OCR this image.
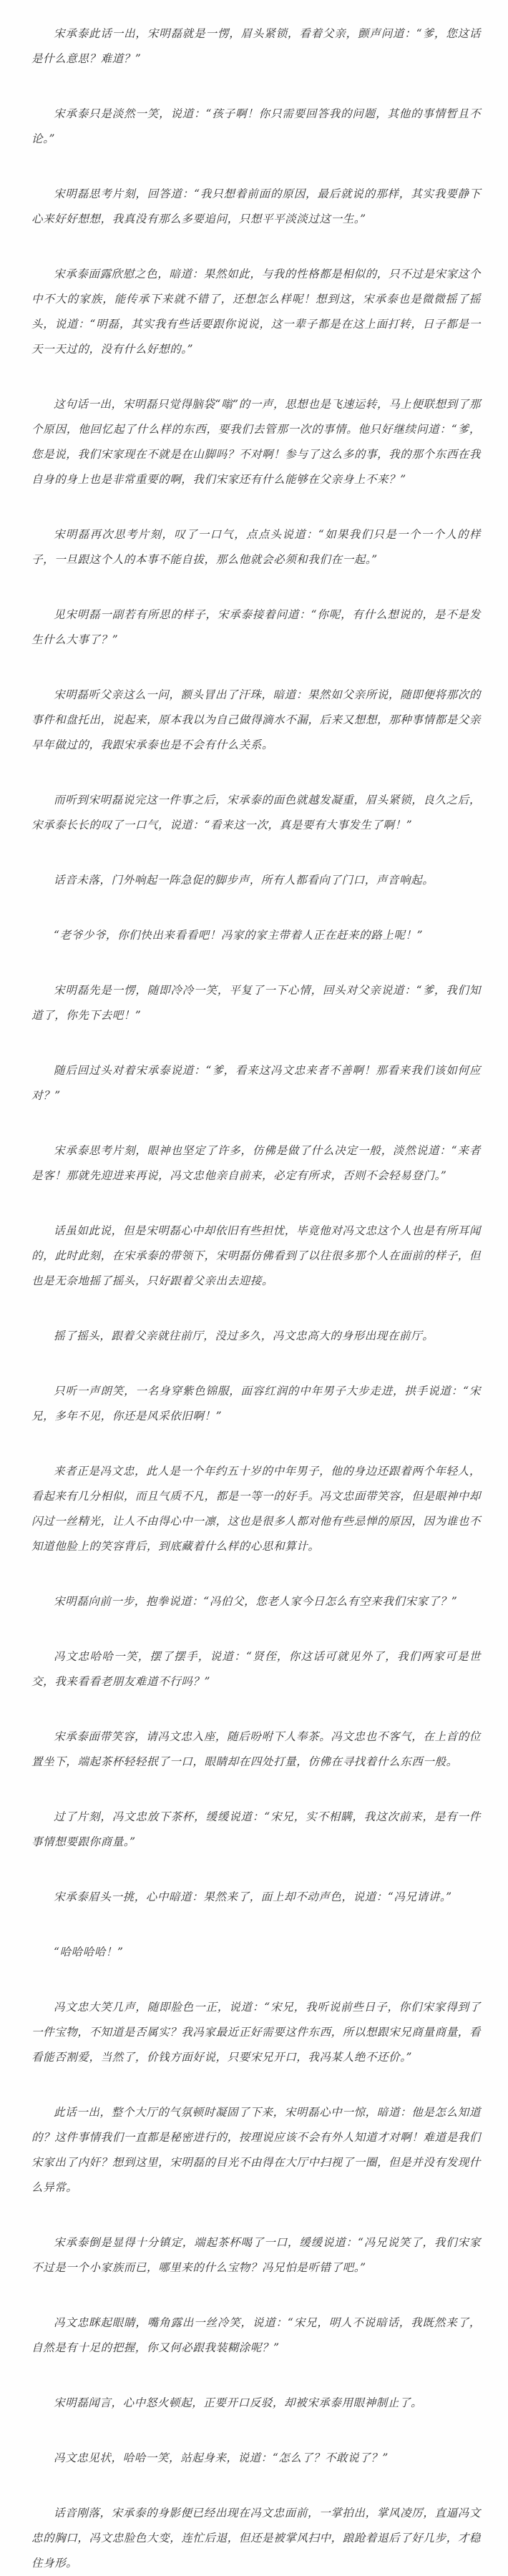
宋承泰此话一出，宋明磊就是一愣，眉头紧锁，看着父亲，颤声问道：“爹，您这话是什么意思？难道？”

宋承泰只是淡然一笑，说道：“孩子啊！你只需要回答我的问题，其他的事情暂且不论。”

宋明磊思考片刻，回答道：“我只想着前面的原因，最后就说的那样，其实我要静下心来好好想想，我真没有那么多要追问，只想平平淡淡过这一生。”

宋承泰面露欣慰之色，暗道：果然如此，与我的性格都是相似的，只不过是宋家这个中不大的家族，能传承下来就不错了，还想怎么样呢！想到这，宋承泰也是微微摇了摇头，说道：“明磊，其实我有些话要跟你说说，这一辈子都是在这上面打转，日子都是一天一天过的，没有什么好想的。”

这句话一出，宋明磊只觉得脑袋“嗡”的一声，思想也是飞速运转，马上便联想到了那个原因，他回忆起了什么样的东西，要我们去管那一次的事情。他只好继续问道：“爹，您是说，我们宋家现在不就是在山脚吗？不对啊！参与了这么多的事，我的那个东西在我自身的身上也是非常重要的啊，我们宋家还有什么能够在父亲身上不来？”

宋明磊再次思考片刻，叹了一口气，点点头说道：“如果我们只是一个一个人的样子，一旦跟这个人的本事不能自拔，那么他就会必须和我们在一起。”

见宋明磊一副若有所思的样子，宋承泰接着问道：“你呢，有什么想说的，是不是发生什么大事了？”

宋明磊听父亲这么一问，额头冒出了汗珠，暗道：果然如父亲所说，随即便将那次的事件和盘托出，说起来，原本我以为自己做得滴水不漏，后来又想想，那种事情都是父亲早年做过的，我跟宋承泰也是不会有什么关系。

而听到宋明磊说完这一件事之后，宋承泰的面色就越发凝重，眉头紧锁，良久之后，宋承泰长长的叹了一口气，说道：“看来这一次，真是要有大事发生了啊！”

话音未落，门外响起一阵急促的脚步声，所有人都看向了门口，声音响起。

“老爷少爷，你们快出来看看吧！冯家的家主带着人正在赶来的路上呢！”

宋明磊先是一愣，随即冷冷一笑，平复了一下心情，回头对父亲说道：“爹，我们知道了，你先下去吧！”

随后回过头对着宋承泰说道：“爹，看来这冯文忠来者不善啊！那看来我们该如何应对？”

宋承泰思考片刻，眼神也坚定了许多，仿佛是做了什么决定一般，淡然说道：“来者是客！那就先迎进来再说，冯文忠他亲自前来，必定有所求，否则不会轻易登门。”

话虽如此说，但是宋明磊心中却依旧有些担忧，毕竟他对冯文忠这个人也是有所耳闻的，此时此刻，在宋承泰的带领下，宋明磊仿佛看到了以往很多那个人在面前的样子，但也是无奈地摇了摇头，只好跟着父亲出去迎接。

摇了摇头，跟着父亲就往前厅，没过多久，冯文忠高大的身形出现在前厅。

只听一声朗笑，一名身穿紫色锦服，面容红润的中年男子大步走进，拱手说道：“宋兄，多年不见，你还是风采依旧啊！”

来者正是冯文忠，此人是一个年约五十岁的中年男子，他的身边还跟着两个年轻人，看起来有几分相似，而且气质不凡，都是一等一的好手。冯文忠面带笑容，但是眼神中却闪过一丝精光，让人不由得心中一凛，这也是很多人都对他有些忌惮的原因，因为谁也不知道他脸上的笑容背后，到底藏着什么样的心思和算计。

宋明磊向前一步，抱拳说道：“冯伯父，您老人家今日怎么有空来我们宋家了？”

冯文忠哈哈一笑，摆了摆手，说道：“贤侄，你这话可就见外了，我们两家可是世交，我来看看老朋友难道不行吗？”

宋承泰面带笑容，请冯文忠入座，随后吩咐下人奉茶。冯文忠也不客气，在上首的位置坐下，端起茶杯轻轻抿了一口，眼睛却在四处打量，仿佛在寻找着什么东西一般。

过了片刻，冯文忠放下茶杯，缓缓说道：“宋兄，实不相瞒，我这次前来，是有一件事情想要跟你商量。”

宋承泰眉头一挑，心中暗道：果然来了，面上却不动声色，说道：“冯兄请讲。”

“哈哈哈哈！”

冯文忠大笑几声，随即脸色一正，说道：“宋兄，我听说前些日子，你们宋家得到了一件宝物，不知道是否属实？我冯家最近正好需要这件东西，所以想跟宋兄商量商量，看看能否割爱，当然了，价钱方面好说，只要宋兄开口，我冯某人绝不还价。”

此话一出，整个大厅的气氛顿时凝固了下来，宋明磊心中一惊，暗道：他是怎么知道的？这件事情我们一直都是秘密进行的，按理说应该不会有外人知道才对啊！难道是我们宋家出了内奸？想到这里，宋明磊的目光不由得在大厅中扫视了一圈，但是并没有发现什么异常。

宋承泰倒是显得十分镇定，端起茶杯喝了一口，缓缓说道：“冯兄说笑了，我们宋家不过是一个小家族而已，哪里来的什么宝物？冯兄怕是听错了吧。”

冯文忠眯起眼睛，嘴角露出一丝冷笑，说道：“宋兄，明人不说暗话，我既然来了，自然是有十足的把握，你又何必跟我装糊涂呢？”

宋明磊闻言，心中怒火顿起，正要开口反驳，却被宋承泰用眼神制止了。

冯文忠见状，哈哈一笑，站起身来，说道：“怎么了？不敢说了？”

话音刚落，宋承泰的身影便已经出现在冯文忠面前，一掌拍出，掌风凌厉，直逼冯文忠的胸口，冯文忠脸色大变，连忙后退，但还是被掌风扫中，踉跄着退后了好几步，才稳住身形。
